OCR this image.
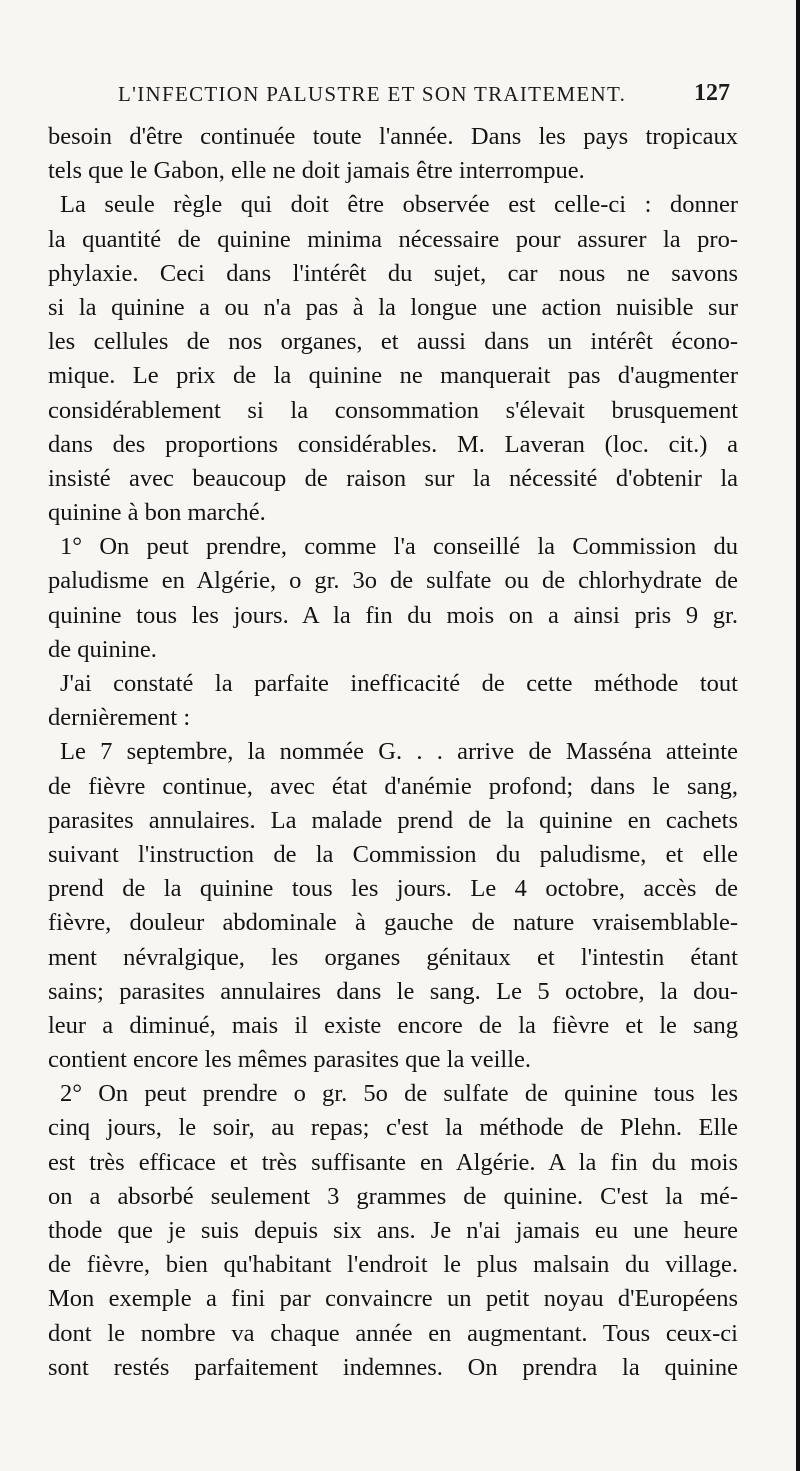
L'INFECTION PALUSTRE ET SON TRAITEMENT.	127
besoin d'être continuée toute l'année. Dans les pays tropicaux
tels que le Gabon, elle ne doit jamais être interrompue.
La seule règle qui doit être observée est celle-ci : donner
la quantité de quinine minima nécessaire pour assurer la pro-
phylaxie. Ceci dans l'intérêt du sujet, car nous ne savons
si la quinine a ou n'a pas à la longue une action nuisible sur
les cellules de nos organes, et aussi dans un intérêt écono-
mique. Le prix de la quinine ne manquerait pas d'augmenter
considérablement si la consommation s'élevait brusquement
dans des proportions considérables. M. Laveran (loc. cit.) a
insisté avec beaucoup de raison sur la nécessité d'obtenir la
quinine à bon marché.
1° On peut prendre, comme l'a conseillé la Commission du
paludisme en Algérie, o gr. 3o de sulfate ou de chlorhydrate de
quinine tous les jours. A la fin du mois on a ainsi pris 9 gr.
de quinine.
J'ai constaté la parfaite inefficacité de cette méthode tout
dernièrement :
Le 7 septembre, la nommée G. . . arrive de Masséna atteinte
de fièvre continue, avec état d'anémie profond; dans le sang,
parasites annulaires. La malade prend de la quinine en cachets
suivant l'instruction de la Commission du paludisme, et elle
prend de la quinine tous les jours. Le 4 octobre, accès de
fièvre, douleur abdominale à gauche de nature vraisemblable-
ment névralgique, les organes génitaux et l'intestin étant
sains; parasites annulaires dans le sang. Le 5 octobre, la dou-
leur a diminué, mais il existe encore de la fièvre et le sang
contient encore les mêmes parasites que la veille.
2° On peut prendre o gr. 5o de sulfate de quinine tous les
cinq jours, le soir, au repas; c'est la méthode de Plehn. Elle
est très efficace et très suffisante en Algérie. A la fin du mois
on a absorbé seulement 3 grammes de quinine. C'est la mé-
thode que je suis depuis six ans. Je n'ai jamais eu une heure
de fièvre, bien qu'habitant l'endroit le plus malsain du village.
Mon exemple a fini par convaincre un petit noyau d'Européens
dont le nombre va chaque année en augmentant. Tous ceux-ci
sont restés parfaitement indemnes. On prendra la quinine
